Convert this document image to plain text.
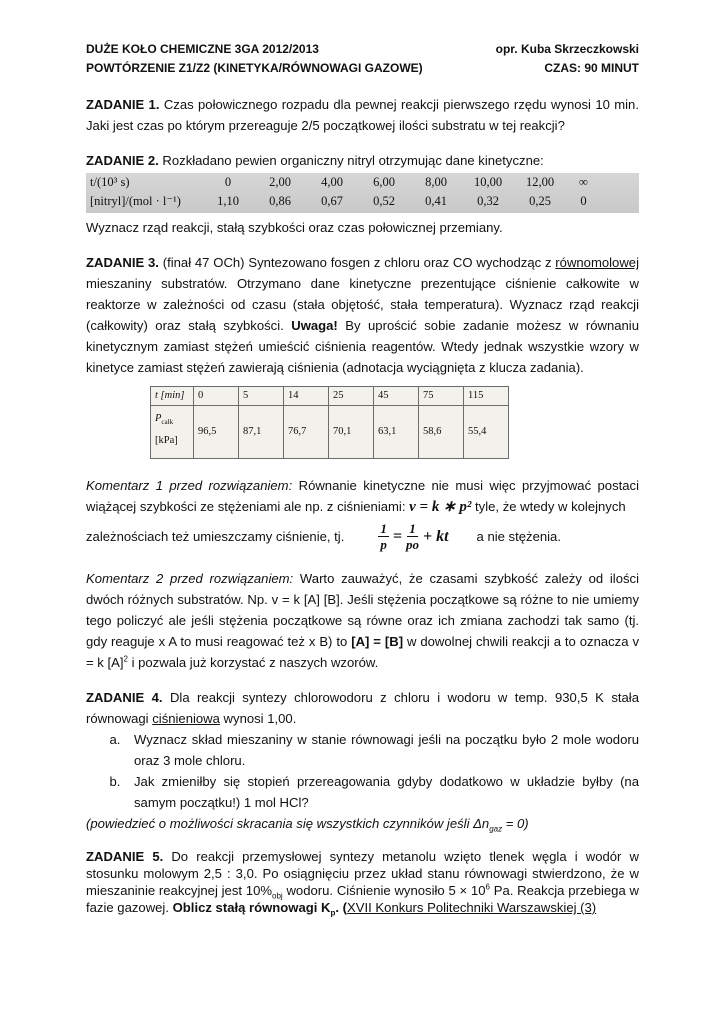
DUŻE KOŁO CHEMICZNE 3GA 2012/2013	opr. Kuba Skrzeczkowski
POWTÓRZENIE Z1/Z2 (KINETYKA/RÓWNOWAGI GAZOWE)	CZAS: 90 MINUT

ZADANIE 1. Czas połowicznego rozpadu dla pewnej reakcji pierwszego rzędu wynosi 10 min. Jaki jest czas po którym przereaguje 2/5 początkowej ilości substratu w tej reakcji?

ZADANIE 2. Rozkładano pewien organiczny nitryl otrzymując dane kinetyczne:

t/(10³ s)	0	2,00	4,00	6,00	8,00	10,00	12,00	∞
[nitryl]/(mol · l⁻¹)	1,10	0,86	0,67	0,52	0,41	0,32	0,25	0

Wyznacz rząd reakcji, stałą szybkości oraz czas połowicznej przemiany.

ZADANIE 3. (finał 47 OCh) Syntezowano fosgen z chloru oraz CO wychodząc z równomolowej mieszaniny substratów. Otrzymano dane kinetyczne prezentujące ciśnienie całkowite w reaktorze w zależności od czasu (stała objętość, stała temperatura). Wyznacz rząd reakcji (całkowity) oraz stałą szybkości. Uwaga! By uprościć sobie zadanie możesz w równaniu kinetycznym zamiast stężeń umieścić ciśnienia reagentów. Wtedy jednak wszystkie wzory w kinetyce zamiast stężeń zawierają ciśnienia (adnotacja wyciągnięta z klucza zadania).

t [min]	0	5	14	25	45	75	115

$P_{całk}$
[kPa]	96,5	87,1	76,7	70,1	63,1	58,6	55,4

Komentarz 1 przed rozwiązaniem: Równanie kinetyczne nie musi więc przyjmować postaci wiążącej szybkości ze stężeniami ale np. z ciśnieniami: v = k ∗ p² tyle, że wtedy w kolejnych

zależnościach też umieszczamy ciśnienie, tj.	$\frac{1}{p} = \frac{1}{po}$ + kt a nie stężenia.

Komentarz 2 przed rozwiązaniem: Warto zauważyć, że czasami szybkość zależy od ilości dwóch różnych substratów. Np. v = k [A] [B]. Jeśli stężenia początkowe są różne to nie umiemy tego policzyć ale jeśli stężenia początkowe są równe oraz ich zmiana zachodzi tak samo (tj. gdy reaguje x A to musi reagować też x B) to [A] = [B] w dowolnej chwili reakcji a to oznacza v = k $[A]^2$ i pozwala już korzystać z naszych wzorów.

ZADANIE 4. Dla reakcji syntezy chlorowodoru z chloru i wodoru w temp. 930,5 K stała równowagi ciśnieniowa wynosi 1,00.

a. Wyznacz skład mieszaniny w stanie równowagi jeśli na początku było 2 mole wodoru oraz 3 mole chloru.
b. Jak zmieniłby się stopień przereagowania gdyby dodatkowo w układzie byłby (na samym początku!) 1 mol HCl?

(powiedzieć o możliwości skracania się wszystkich czynników jeśli $\Delta n_{gaz} = 0$)

ZADANIE 5. Do reakcji przemysłowej syntezy metanolu wzięto tlenek węgla i wodór w stosunku molowym 2,5 : 3,0. Po osiągnięciu przez układ stanu równowagi stwierdzono, że w mieszaninie reakcyjnej jest $10\%_{obj}$ wodoru. Ciśnienie wynosiło $5 \times 10^6$ Pa. Reakcja przebiega w fazie gazowej. Oblicz stałą równowagi $K_p$. (XVII Konkurs Politechniki Warszawskiej (3)
